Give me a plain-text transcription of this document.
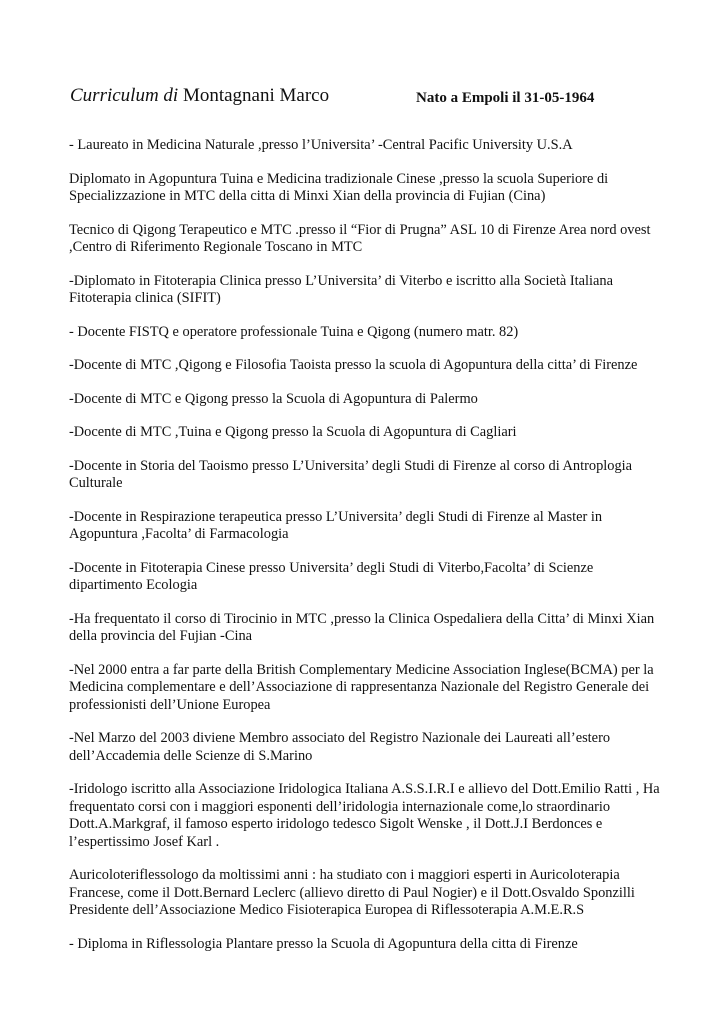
Curriculum di Montagnani Marco	Nato a Empoli il 31-05-1964

- Laureato in Medicina Naturale ,presso l’Universita’ -Central Pacific University U.S.A

Diplomato in Agopuntura Tuina e Medicina tradizionale Cinese ,presso la scuola Superiore di Specializzazione in MTC della citta di Minxi Xian della provincia di Fujian (Cina)

Tecnico di Qigong Terapeutico e MTC .presso il “Fior di Prugna” ASL 10 di Firenze Area nord ovest ,Centro di Riferimento Regionale Toscano in MTC

-Diplomato in Fitoterapia Clinica presso L’Universita’ di Viterbo e iscritto alla Società Italiana Fitoterapia clinica (SIFIT)

- Docente FISTQ e operatore professionale Tuina e Qigong (numero matr. 82)

-Docente di MTC ,Qigong e Filosofia Taoista presso la scuola di Agopuntura della citta’ di Firenze

-Docente di MTC e Qigong presso la Scuola di Agopuntura di Palermo

-Docente di MTC ,Tuina e Qigong presso la Scuola di Agopuntura di Cagliari

-Docente in Storia del Taoismo presso L’Universita’ degli Studi di Firenze al corso di Antroplogia Culturale

-Docente in Respirazione terapeutica presso L’Universita’ degli Studi di Firenze al Master in Agopuntura ,Facolta’ di Farmacologia

-Docente in Fitoterapia Cinese presso Universita’ degli Studi di Viterbo,Facolta’ di Scienze dipartimento Ecologia

-Ha frequentato il corso di Tirocinio in MTC ,presso la Clinica Ospedaliera della Citta’ di Minxi Xian della provincia del Fujian -Cina

-Nel 2000 entra a far parte della British Complementary Medicine Association Inglese(BCMA) per la Medicina complementare e dell’Associazione di rappresentanza Nazionale del Registro Generale dei professionisti dell’Unione Europea

-Nel Marzo del 2003 diviene Membro associato del Registro Nazionale dei Laureati all’estero dell’Accademia delle Scienze di S.Marino

-Iridologo iscritto alla Associazione Iridologica Italiana A.S.S.I.R.I e allievo del Dott.Emilio Ratti , Ha frequentato corsi con i maggiori esponenti dell’iridologia internazionale come,lo straordinario Dott.A.Markgraf, il famoso esperto iridologo tedesco Sigolt Wenske , il Dott.J.I Berdonces e l’espertissimo Josef Karl .

Auricoloteriflessologo da moltissimi anni : ha studiato con i maggiori esperti in Auricoloterapia Francese, come il Dott.Bernard Leclerc (allievo diretto di Paul Nogier) e il Dott.Osvaldo Sponzilli Presidente dell’Associazione Medico Fisioterapica Europea di Riflessoterapia A.M.E.R.S

- Diploma in Riflessologia Plantare presso la Scuola di Agopuntura della citta di Firenze
